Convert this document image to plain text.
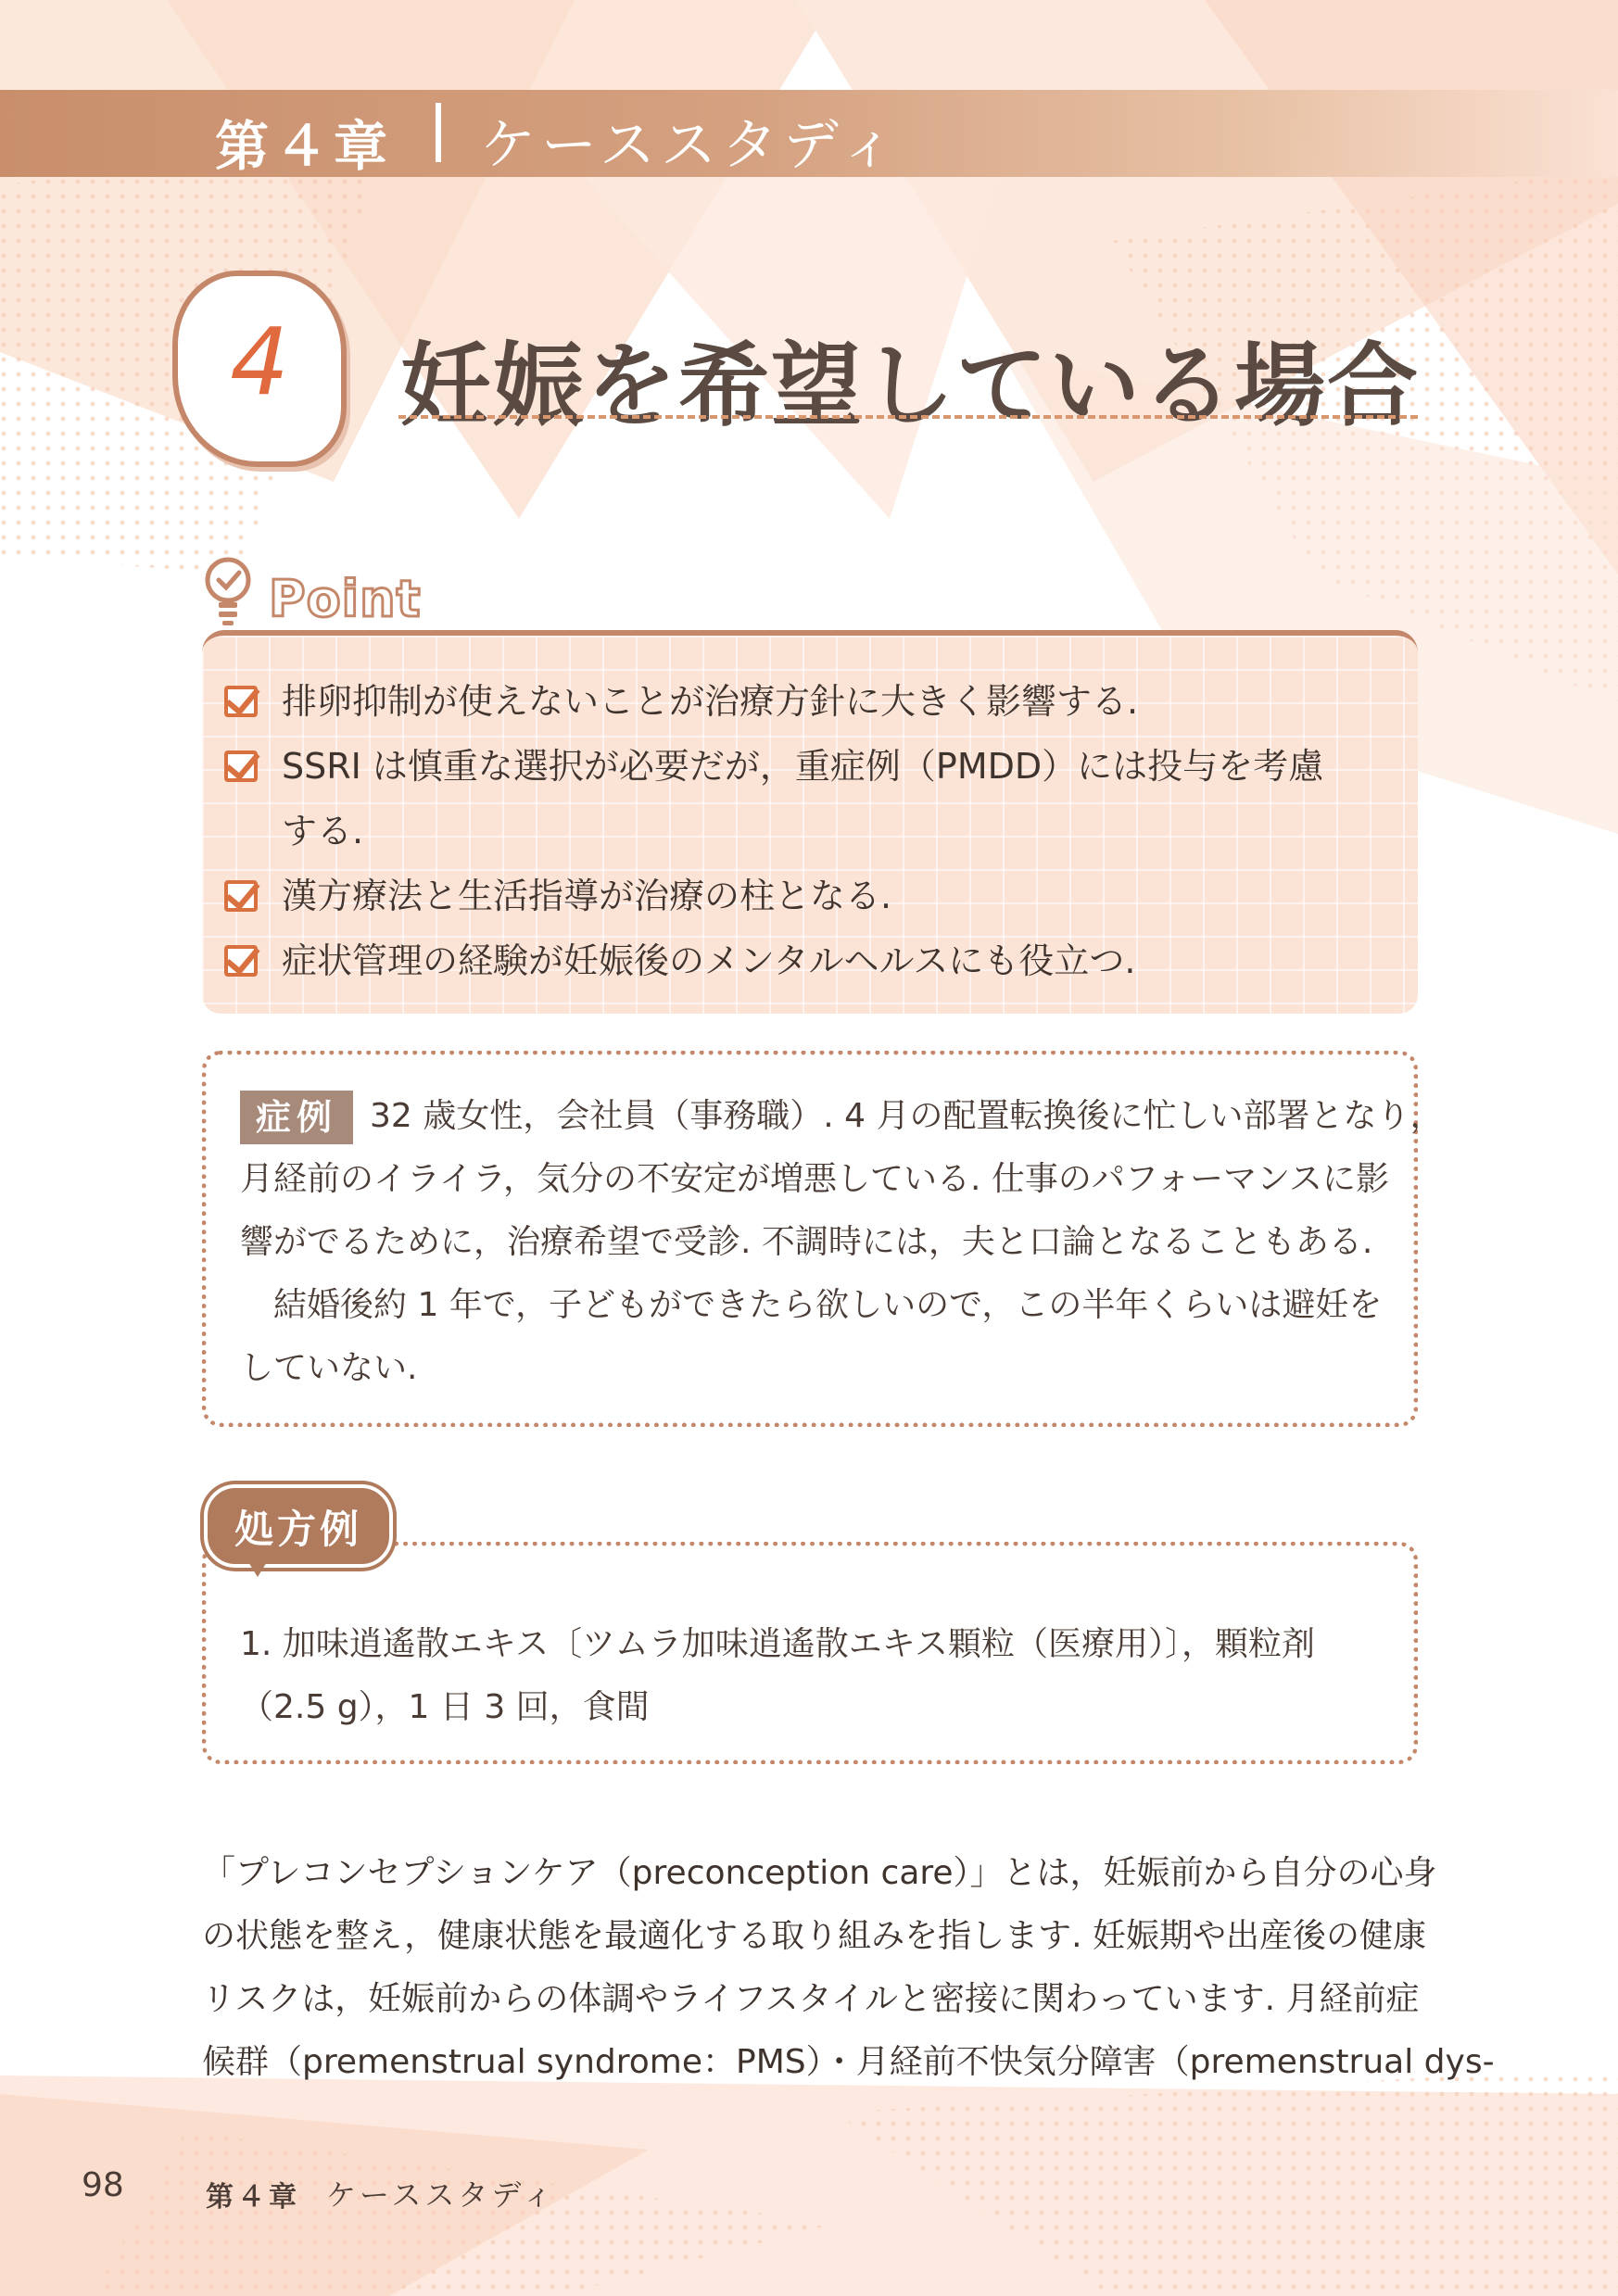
第４章 ケーススタディ
4	妊娠を希望している場合
Point
排卵抑制が使えないことが治療方針に大きく影響する.
SSRI は慎重な選択が必要だが，重症例（PMDD）には投与を考慮
する.
漢方療法と生活指導が治療の柱となる.
症状管理の経験が妊娠後のメンタルヘルスにも役立つ.
症例 32 歳女性，会社員（事務職）. 4 月の配置転換後に忙しい部署となり，
月経前のイライラ，気分の不安定が増悪している. 仕事のパフォーマンスに影
響がでるために，治療希望で受診. 不調時には，夫と口論となることもある.
　結婚後約 1 年で，子どもができたら欲しいので，この半年くらいは避妊を
していない.
1. 加味逍遙散エキス〔ツムラ加味逍遙散エキス顆粒（医療用）〕，顆粒剤
（2.5 g），1 日 3 回，食間
処方例
「プレコンセプションケア（preconception care）」とは，妊娠前から自分の心身
の状態を整え，健康状態を最適化する取り組みを指します. 妊娠期や出産後の健康
リスクは，妊娠前からの体調やライフスタイルと密接に関わっています. 月経前症
候群（premenstrual syndrome：PMS）・月経前不快気分障害（premenstrual dys-
98	第４章 ケーススタディ
